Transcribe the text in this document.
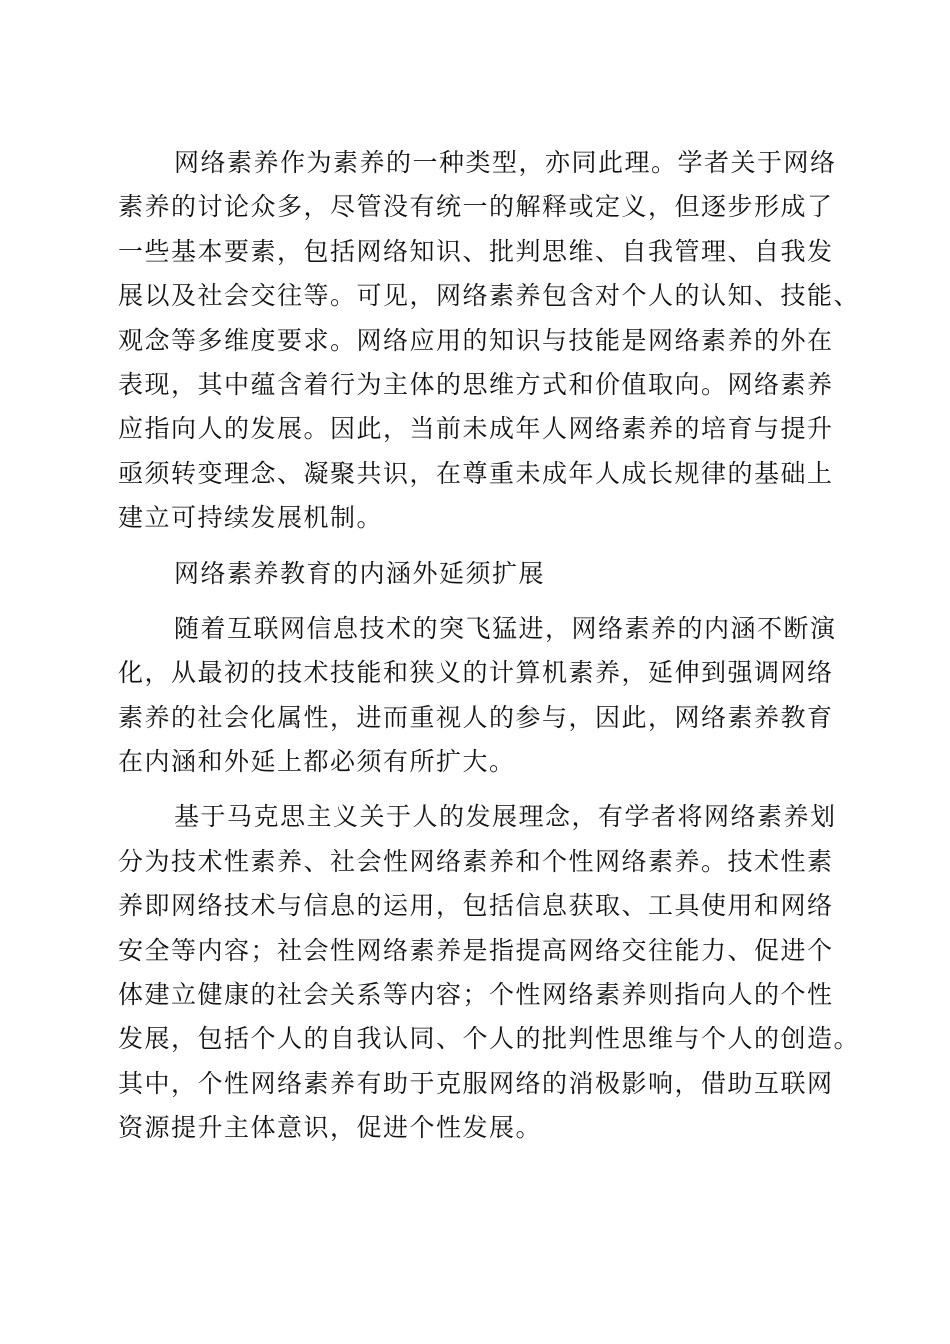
网络素养作为素养的一种类型，亦同此理。学者关于网络
素养的讨论众多，尽管没有统一的解释或定义，但逐步形成了
一些基本要素，包括网络知识、批判思维、自我管理、自我发
展以及社会交往等。可见，网络素养包含对个人的认知、技能、
观念等多维度要求。网络应用的知识与技能是网络素养的外在
表现，其中蕴含着行为主体的思维方式和价值取向。网络素养
应指向人的发展。因此，当前未成年人网络素养的培育与提升
亟须转变理念、凝聚共识，在尊重未成年人成长规律的基础上
建立可持续发展机制。
网络素养教育的内涵外延须扩展
随着互联网信息技术的突飞猛进，网络素养的内涵不断演
化，从最初的技术技能和狭义的计算机素养，延伸到强调网络
素养的社会化属性，进而重视人的参与，因此，网络素养教育
在内涵和外延上都必须有所扩大。
基于马克思主义关于人的发展理念，有学者将网络素养划
分为技术性素养、社会性网络素养和个性网络素养。技术性素
养即网络技术与信息的运用，包括信息获取、工具使用和网络
安全等内容；社会性网络素养是指提高网络交往能力、促进个
体建立健康的社会关系等内容；个性网络素养则指向人的个性
发展，包括个人的自我认同、个人的批判性思维与个人的创造。
其中，个性网络素养有助于克服网络的消极影响，借助互联网
资源提升主体意识，促进个性发展。
